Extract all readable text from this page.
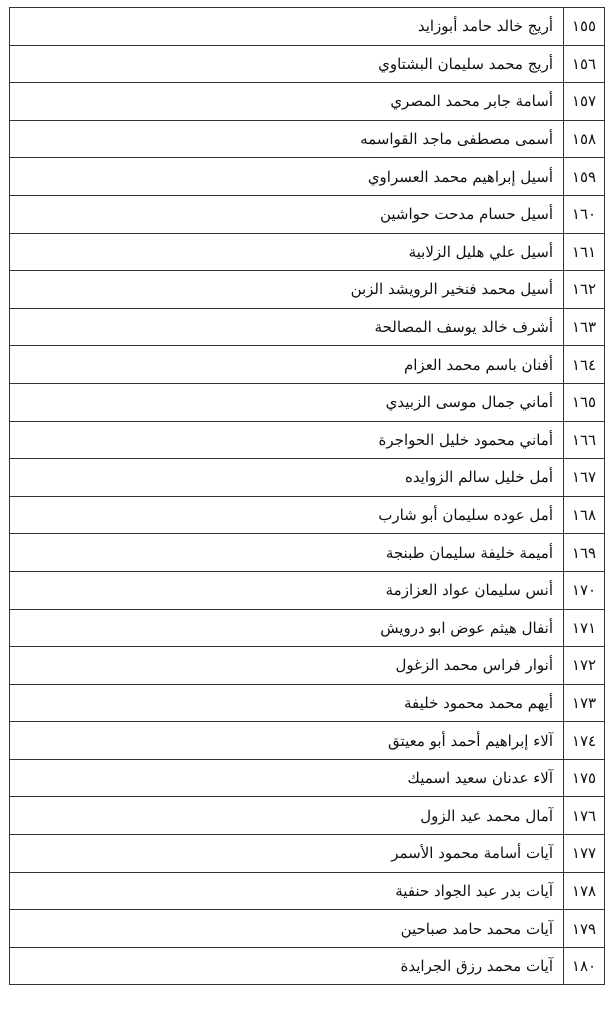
١٥٥	أريج خالد حامد أبوزايد
١٥٦	أريج محمد سليمان البشتاوي
١٥٧	أسامة جابر محمد المصري
١٥٨	أسمى مصطفى ماجد القواسمه
١٥٩	أسيل إبراهيم محمد العسراوي
١٦٠	أسيل حسام مدحت حواشين
١٦١	أسيل علي هليل الزلابية
١٦٢	أسيل محمد فنخير الرويشد الزبن
١٦٣	أشرف خالد يوسف المصالحة
١٦٤	أفنان باسم محمد العزام
١٦٥	أماني جمال موسى الزبيدي
١٦٦	أماني محمود خليل الحواجرة
١٦٧	أمل خليل سالم الزوايده
١٦٨	أمل عوده سليمان أبو شارب
١٦٩	أميمة خليفة سليمان طبنجة
١٧٠	أنس سليمان عواد العزازمة
١٧١	أنفال هيثم عوض ابو درويش
١٧٢	أنوار فراس محمد الزغول
١٧٣	أيهم محمد محمود خليفة
١٧٤	آلاء إبراهيم أحمد أبو معيتق
١٧٥	آلاء عدنان سعيد اسميك
١٧٦	آمال محمد عيد الزول
١٧٧	آيات أسامة محمود الأسمر
١٧٨	آيات بدر عبد الجواد حنفية
١٧٩	آيات محمد حامد صباحين
١٨٠	آيات محمد رزق الجرايدة
